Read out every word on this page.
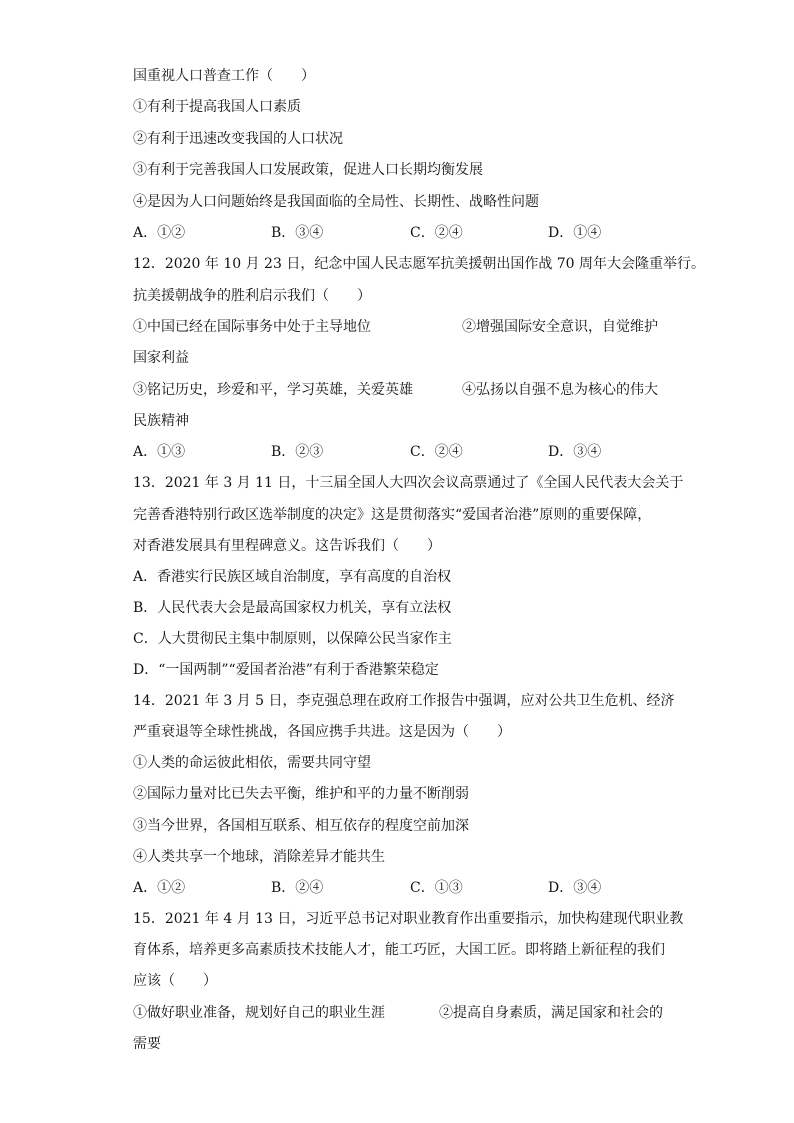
国重视人口普查工作（　　）
①有利于提高我国人口素质
②有利于迅速改变我国的人口状况
③有利于完善我国人口发展政策，促进人口长期均衡发展
④是因为人口问题始终是我国面临的全局性、长期性、战略性问题
A．①②	B．③④	C．②④	D．①④
12．2020 年 10 月 23 日，纪念中国人民志愿军抗美援朝出国作战 70 周年大会隆重举行。
抗美援朝战争的胜利启示我们（　　）
①中国已经在国际事务中处于主导地位	②增强国际安全意识，自觉维护
国家利益
③铭记历史，珍爱和平，学习英雄，关爱英雄	④弘扬以自强不息为核心的伟大
民族精神
A．①③	B．②③	C．②④	D．③④
13．2021 年 3 月 11 日，十三届全国人大四次会议高票通过了《全国人民代表大会关于
完善香港特别行政区选举制度的决定》这是贯彻落实“爱国者治港”原则的重要保障，
对香港发展具有里程碑意义。这告诉我们（　　）
A．香港实行民族区域自治制度，享有高度的自治权
B．人民代表大会是最高国家权力机关，享有立法权
C．人大贯彻民主集中制原则，以保障公民当家作主
D．“一国两制”“爱国者治港”有利于香港繁荣稳定
14．2021 年 3 月 5 日，李克强总理在政府工作报告中强调，应对公共卫生危机、经济
严重衰退等全球性挑战，各国应携手共进。这是因为（　　）
①人类的命运彼此相依，需要共同守望
②国际力量对比已失去平衡，维护和平的力量不断削弱
③当今世界，各国相互联系、相互依存的程度空前加深
④人类共享一个地球，消除差异才能共生
A．①②	B．②④	C．①③	D．③④
15．2021 年 4 月 13 日，习近平总书记对职业教育作出重要指示，加快构建现代职业教
育体系，培养更多高素质技术技能人才，能工巧匠，大国工匠。即将踏上新征程的我们
应该（　　）
①做好职业准备，规划好自己的职业生涯	②提高自身素质，满足国家和社会的
需要
